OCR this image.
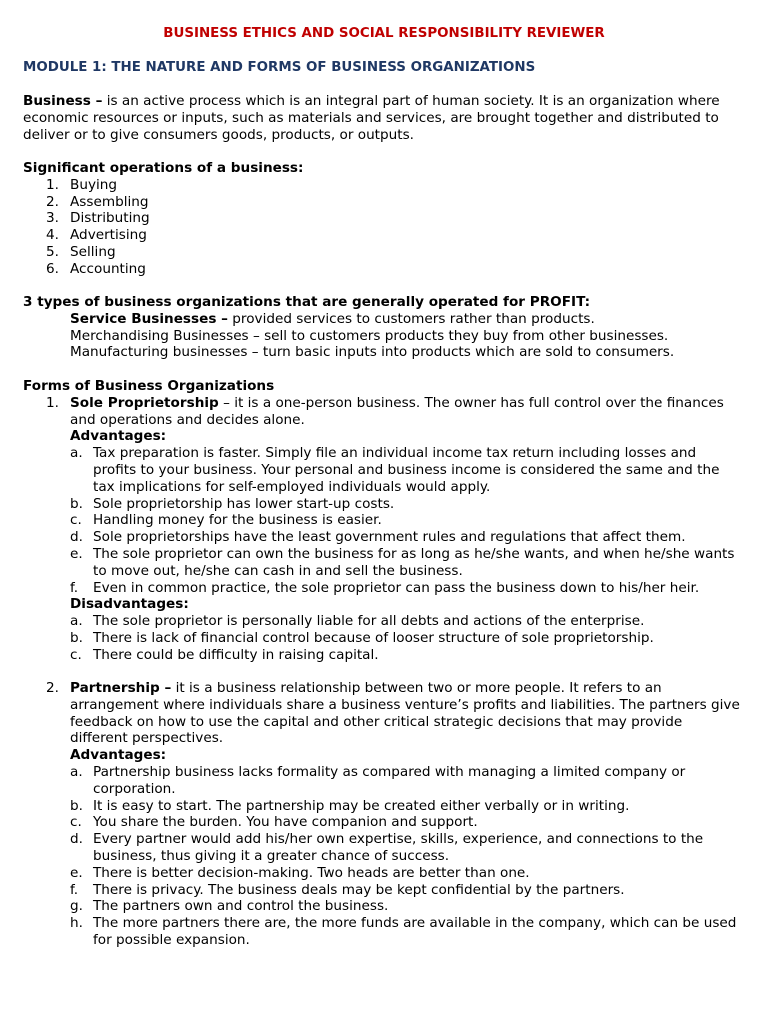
BUSINESS ETHICS AND SOCIAL RESPONSIBILITY REVIEWER
MODULE 1: THE NATURE AND FORMS OF BUSINESS ORGANIZATIONS

Business – is an active process which is an integral part of human society. It is an organization where economic resources or inputs, such as materials and services, are brought together and distributed to deliver or to give consumers goods, products, or outputs.

Significant operations of a business:

1. Buying
2. Assembling
3. Distributing
4. Advertising
5. Selling
6. Accounting

3 types of business organizations that are generally operated for PROFIT:

Service Businesses – provided services to customers rather than products.

Merchandising Businesses – sell to customers products they buy from other businesses.

Manufacturing businesses – turn basic inputs into products which are sold to consumers.

Forms of Business Organizations

1. Sole Proprietorship – it is a one-person business. The owner has full control over the finances and operations and decides alone.

Advantages:

a. Tax preparation is faster. Simply file an individual income tax return including losses and profits to your business. Your personal and business income is considered the same and the tax implications for self-employed individuals would apply.
b. Sole proprietorship has lower start-up costs.
c. Handling money for the business is easier.
d. Sole proprietorships have the least government rules and regulations that affect them.
e. The sole proprietor can own the business for as long as he/she wants, and when he/she wants to move out, he/she can cash in and sell the business.
f. Even in common practice, the sole proprietor can pass the business down to his/her heir.

Disadvantages:

a. The sole proprietor is personally liable for all debts and actions of the enterprise.
b. There is lack of financial control because of looser structure of sole proprietorship.
c. There could be difficulty in raising capital.
2. Partnership – it is a business relationship between two or more people. It refers to an arrangement where individuals share a business venture’s profits and liabilities. The partners give feedback on how to use the capital and other critical strategic decisions that may provide different perspectives.

Advantages:

a. Partnership business lacks formality as compared with managing a limited company or corporation.
b. It is easy to start. The partnership may be created either verbally or in writing.
c. You share the burden. You have companion and support.
d. Every partner would add his/her own expertise, skills, experience, and connections to the business, thus giving it a greater chance of success.
e. There is better decision-making. Two heads are better than one.
f. There is privacy. The business deals may be kept confidential by the partners.
g. The partners own and control the business.
h. The more partners there are, the more funds are available in the company, which can be used for possible expansion.
